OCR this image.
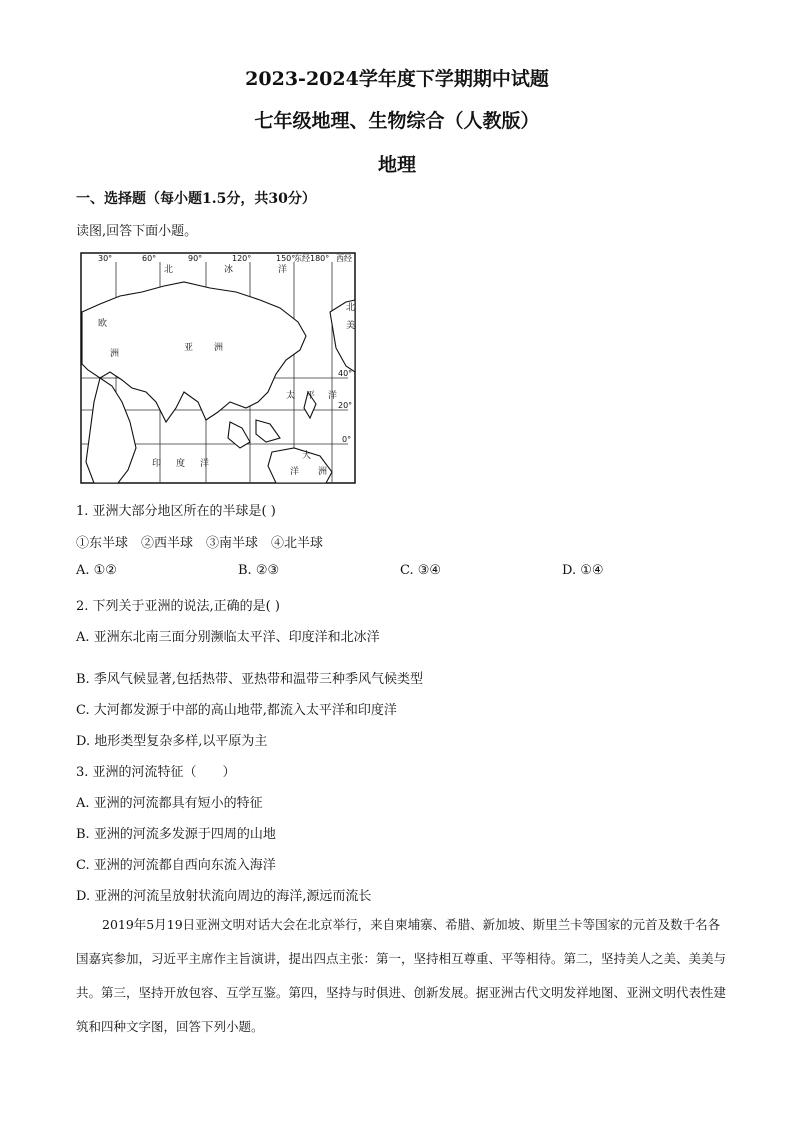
2023-2024学年度下学期期中试题
七年级地理、生物综合（人教版）
地理
一、选择题（每小题1.5分，共30分）
读图,回答下面小题。
30°	60°	90°	120°	150°
东经180° 西经
40°
20°
0°
北	冰	洋
欧
洲
亚 洲
北
美
太 平 洋
印 度 洋
大
洋 洲
1. 亚洲大部分地区所在的半球是( )
①东半球　②西半球　③南半球　④北半球
A. ①②	B. ②③	C. ③④	D. ①④
2. 下列关于亚洲的说法,正确的是( )
A. 亚洲东北南三面分别濒临太平洋、印度洋和北冰洋
B. 季风气候显著,包括热带、亚热带和温带三种季风气候类型
C. 大河都发源于中部的高山地带,都流入太平洋和印度洋
D. 地形类型复杂多样,以平原为主
3. 亚洲的河流特征（　　）
A. 亚洲的河流都具有短小的特征
B. 亚洲的河流多发源于四周的山地
C. 亚洲的河流都自西向东流入海洋
D. 亚洲的河流呈放射状流向周边的海洋,源远而流长
2019年5月19日亚洲文明对话大会在北京举行，来自柬埔寨、希腊、新加坡、斯里兰卡等国家的元首及数千名各国嘉宾参加，习近平主席作主旨演讲，提出四点主张：第一，坚持相互尊重、平等相待。第二，坚持美人之美、美美与共。第三，坚持开放包容、互学互鉴。第四，坚持与时俱进、创新发展。据亚洲古代文明发祥地图、亚洲文明代表性建筑和四种文字图，回答下列小题。
